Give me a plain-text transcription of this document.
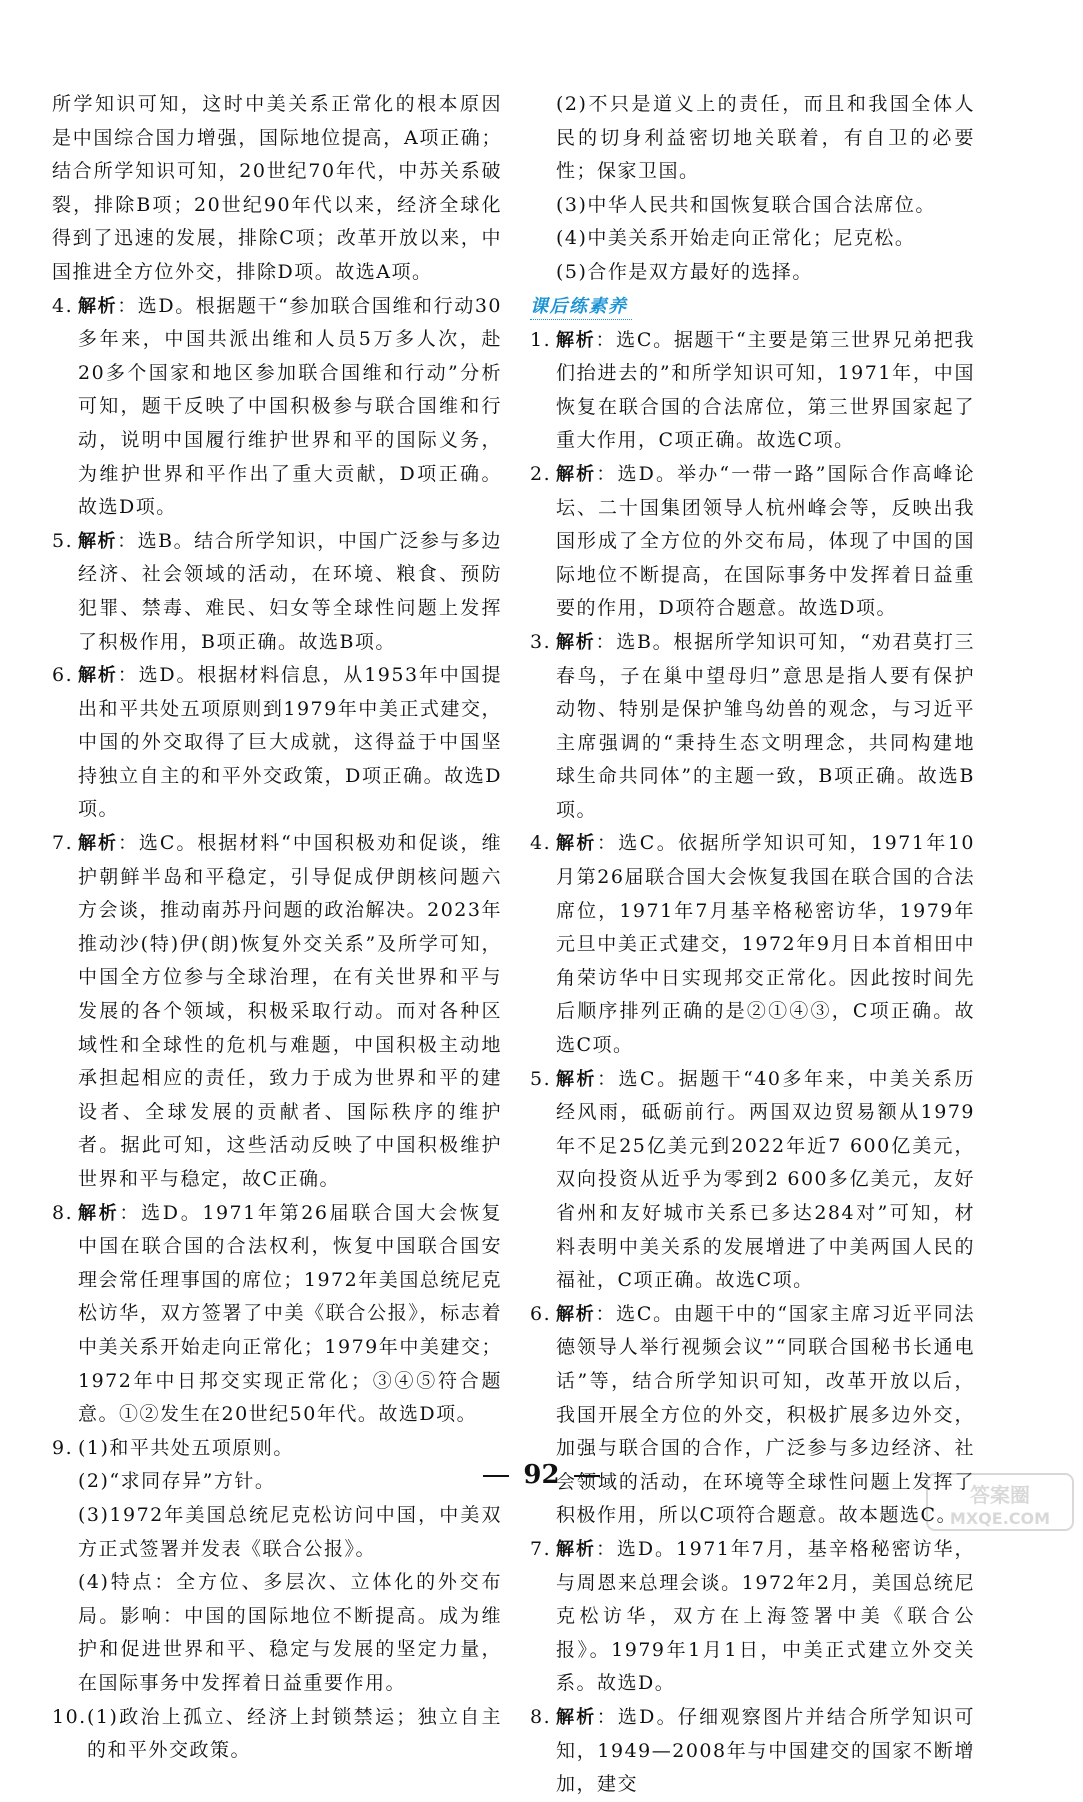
所学知识可知，这时中美关系正常化的根本原因是中国综合国力增强，国际地位提高，A项正确；结合所学知识可知，20世纪70年代，中苏关系破裂，排除B项；20世纪90年代以来，经济全球化得到了迅速的发展，排除C项；改革开放以来，中国推进全方位外交，排除D项。故选A项。
4. 解析：选D。根据题干“参加联合国维和行动30多年来，中国共派出维和人员5万多人次，赴20多个国家和地区参加联合国维和行动”分析可知，题干反映了中国积极参与联合国维和行动，说明中国履行维护世界和平的国际义务，为维护世界和平作出了重大贡献，D项正确。故选D项。
5. 解析：选B。结合所学知识，中国广泛参与多边经济、社会领域的活动，在环境、粮食、预防犯罪、禁毒、难民、妇女等全球性问题上发挥了积极作用，B项正确。故选B项。
6. 解析：选D。根据材料信息，从1953年中国提出和平共处五项原则到1979年中美正式建交，中国的外交取得了巨大成就，这得益于中国坚持独立自主的和平外交政策，D项正确。故选D项。
7. 解析：选C。根据材料“中国积极劝和促谈，维护朝鲜半岛和平稳定，引导促成伊朗核问题六方会谈，推动南苏丹问题的政治解决。2023年推动沙(特)伊(朗)恢复外交关系”及所学可知，中国全方位参与全球治理，在有关世界和平与发展的各个领域，积极采取行动。而对各种区域性和全球性的危机与难题，中国积极主动地承担起相应的责任，致力于成为世界和平的建设者、全球发展的贡献者、国际秩序的维护者。据此可知，这些活动反映了中国积极维护世界和平与稳定，故C正确。
8. 解析：选D。1971年第26届联合国大会恢复中国在联合国的合法权利，恢复中国联合国安理会常任理事国的席位；1972年美国总统尼克松访华，双方签署了中美《联合公报》，标志着中美关系开始走向正常化；1979年中美建交；1972年中日邦交实现正常化；③④⑤符合题意。①②发生在20世纪50年代。故选D项。
9. (1)和平共处五项原则。
(2)“求同存异”方针。
(3)1972年美国总统尼克松访问中国，中美双方正式签署并发表《联合公报》。
(4)特点：全方位、多层次、立体化的外交布局。影响：中国的国际地位不断提高。成为维护和促进世界和平、稳定与发展的坚定力量，在国际事务中发挥着日益重要作用。
10. (1)政治上孤立、经济上封锁禁运；独立自主的和平外交政策。
(2)不只是道义上的责任，而且和我国全体人民的切身利益密切地关联着，有自卫的必要性；保家卫国。
(3)中华人民共和国恢复联合国合法席位。
(4)中美关系开始走向正常化；尼克松。
(5)合作是双方最好的选择。
课后练素养
1. 解析：选C。据题干“主要是第三世界兄弟把我们抬进去的”和所学知识可知，1971年，中国恢复在联合国的合法席位，第三世界国家起了重大作用，C项正确。故选C项。
2. 解析：选D。举办“一带一路”国际合作高峰论坛、二十国集团领导人杭州峰会等，反映出我国形成了全方位的外交布局，体现了中国的国际地位不断提高，在国际事务中发挥着日益重要的作用，D项符合题意。故选D项。
3. 解析：选B。根据所学知识可知，“劝君莫打三春鸟，子在巢中望母归”意思是指人要有保护动物、特别是保护雏鸟幼兽的观念，与习近平主席强调的“秉持生态文明理念，共同构建地球生命共同体”的主题一致，B项正确。故选B项。
4. 解析：选C。依据所学知识可知，1971年10月第26届联合国大会恢复我国在联合国的合法席位，1971年7月基辛格秘密访华，1979年元旦中美正式建交，1972年9月日本首相田中角荣访华中日实现邦交正常化。因此按时间先后顺序排列正确的是②①④③，C项正确。故选C项。
5. 解析：选C。据题干“40多年来，中美关系历经风雨，砥砺前行。两国双边贸易额从1979年不足25亿美元到2022年近7 600亿美元，双向投资从近乎为零到2 600多亿美元，友好省州和友好城市关系已多达284对”可知，材料表明中美关系的发展增进了中美两国人民的福祉，C项正确。故选C项。
6. 解析：选C。由题干中的“国家主席习近平同法德领导人举行视频会议”“同联合国秘书长通电话”等，结合所学知识可知，改革开放以后，我国开展全方位的外交，积极扩展多边外交，加强与联合国的合作，广泛参与多边经济、社会领域的活动，在环境等全球性问题上发挥了积极作用，所以C项符合题意。故本题选C。
7. 解析：选D。1971年7月，基辛格秘密访华，与周恩来总理会谈。1972年2月，美国总统尼克松访华，双方在上海签署中美《联合公报》。1979年1月1日，中美正式建立外交关系。故选D。
8. 解析：选D。仔细观察图片并结合所学知识可知，1949—2008年与中国建交的国家不断增加，建交
92
答案圈
MXQE.COM
